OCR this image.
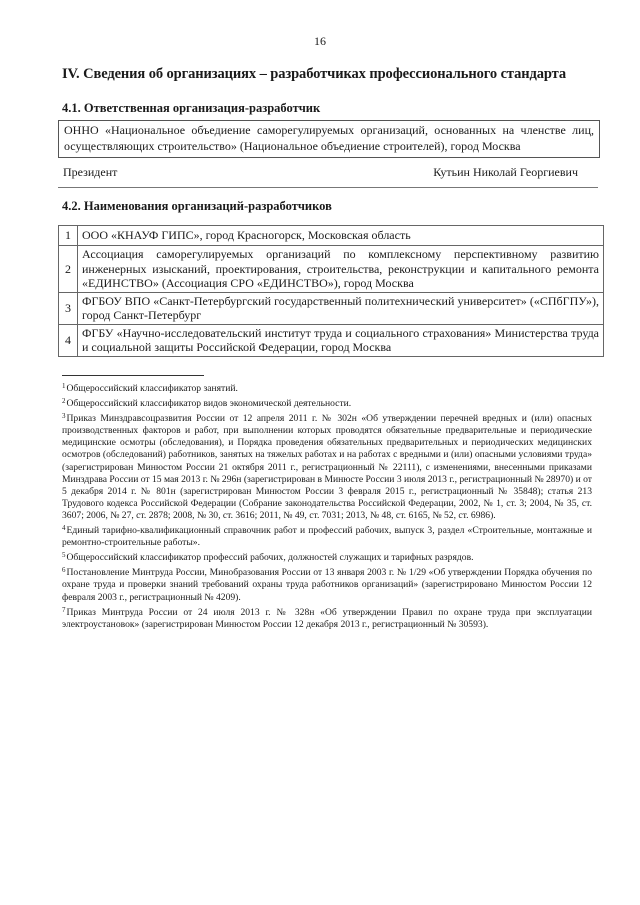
16
IV. Сведения об организациях – разработчиках профессионального стандарта
4.1. Ответственная организация-разработчик
ОННО «Национальное объедиение саморегулируемых организаций, основанных на членстве лиц, осуществляющих строительство» (Национальное объедиение строителей), город Москва
Президент	Кутьин Николай Георгиевич
4.2. Наименования организаций-разработчиков
1	ООО «КНАУФ ГИПС», город Красногорск, Московская область
2	Ассоциация саморегулируемых организаций по комплексному перспективному развитию инженерных изысканий, проектирования, строительства, реконструкции и капитального ремонта «ЕДИНСТВО» (Ассоциация СРО «ЕДИНСТВО»), город Москва
3	ФГБОУ ВПО «Санкт-Петербургский государственный политехнический университет» («СПбГПУ»), город Санкт-Петербург
4	ФГБУ «Научно-исследовательский институт труда и социального страхования» Министерства труда и социальной защиты Российской Федерации, город Москва

$^1$Общероссийский классификатор занятий.

$^2$Общероссийский классификатор видов экономической деятельности.

$^3$Приказ Минздравсоцразвития России от 12 апреля 2011 г. № 302н «Об утверждении перечней вредных и (или) опасных производственных факторов и работ, при выполнении которых проводятся обязательные предварительные и периодические медицинские осмотры (обследования), и Порядка проведения обязательных предварительных и периодических медицинских осмотров (обследований) работников, занятых на тяжелых работах и на работах с вредными и (или) опасными условиями труда» (зарегистрирован Минюстом России 21 октября 2011 г., регистрационный № 22111), с изменениями, внесенными приказами Минздрава России от 15 мая 2013 г. № 296н (зарегистрирован в Минюсте России 3 июля 2013 г., регистрационный № 28970) и от 5 декабря 2014 г. № 801н (зарегистрирован Минюстом России 3 февраля 2015 г., регистрационный № 35848); статья 213 Трудового кодекса Российской Федерации (Собрание законодательства Российской Федерации, 2002, № 1, ст. 3; 2004, № 35, ст. 3607; 2006, № 27, ст. 2878; 2008, № 30, ст. 3616; 2011, № 49, ст. 7031; 2013, № 48, ст. 6165, № 52, ст. 6986).

$^4$Единый тарифно-квалификационный справочник работ и профессий рабочих, выпуск 3, раздел «Строительные, монтажные и ремонтно-строительные работы».

$^5$Общероссийский классификатор профессий рабочих, должностей служащих и тарифных разрядов.

$^6$Постановление Минтруда России, Минобразования России от 13 января 2003 г. № 1/29 «Об утверждении Порядка обучения по охране труда и проверки знаний требований охраны труда работников организаций» (зарегистрировано Минюстом России 12 февраля 2003 г., регистрационный № 4209).

$^7$Приказ Минтруда России от 24 июля 2013 г. № 328н «Об утверждении Правил по охране труда при эксплуатации электроустановок» (зарегистрирован Минюстом России 12 декабря 2013 г., регистрационный № 30593).
